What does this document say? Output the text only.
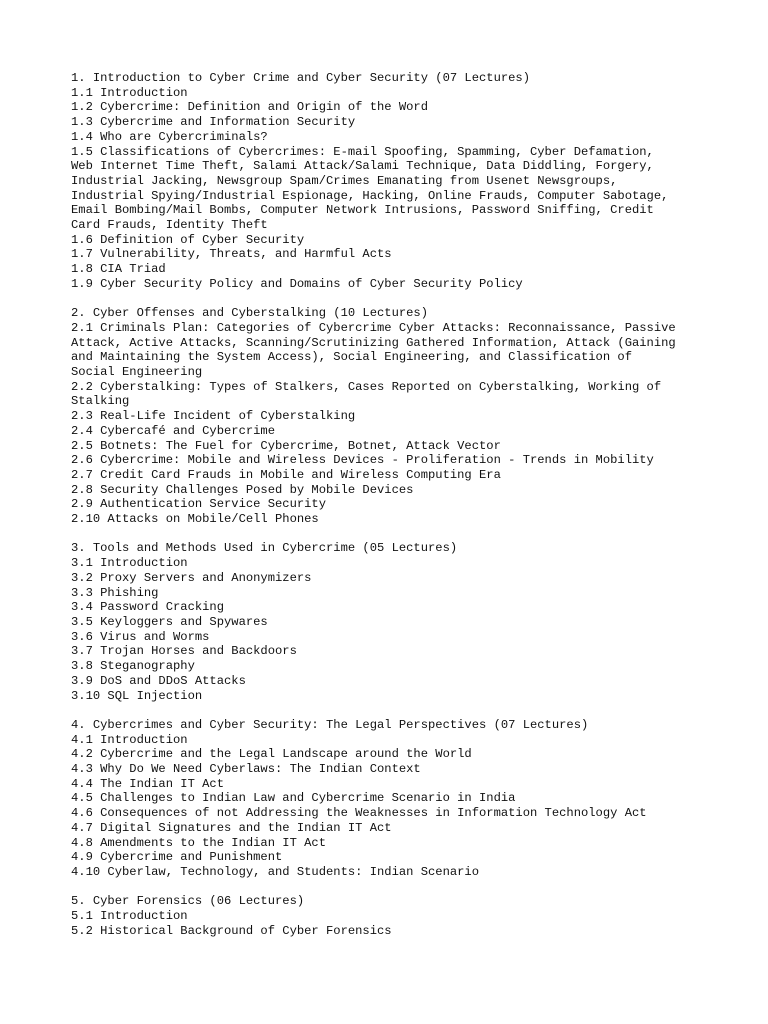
1. Introduction to Cyber Crime and Cyber Security (07 Lectures)
1.1 Introduction
1.2 Cybercrime: Definition and Origin of the Word
1.3 Cybercrime and Information Security
1.4 Who are Cybercriminals?
1.5 Classifications of Cybercrimes: E-mail Spoofing, Spamming, Cyber Defamation,
Web Internet Time Theft, Salami Attack/Salami Technique, Data Diddling, Forgery,
Industrial Jacking, Newsgroup Spam/Crimes Emanating from Usenet Newsgroups,
Industrial Spying/Industrial Espionage, Hacking, Online Frauds, Computer Sabotage,
Email Bombing/Mail Bombs, Computer Network Intrusions, Password Sniffing, Credit
Card Frauds, Identity Theft
1.6 Definition of Cyber Security
1.7 Vulnerability, Threats, and Harmful Acts
1.8 CIA Triad
1.9 Cyber Security Policy and Domains of Cyber Security Policy
2. Cyber Offenses and Cyberstalking (10 Lectures)
2.1 Criminals Plan: Categories of Cybercrime Cyber Attacks: Reconnaissance, Passive
Attack, Active Attacks, Scanning/Scrutinizing Gathered Information, Attack (Gaining
and Maintaining the System Access), Social Engineering, and Classification of
Social Engineering
2.2 Cyberstalking: Types of Stalkers, Cases Reported on Cyberstalking, Working of
Stalking
2.3 Real-Life Incident of Cyberstalking
2.4 Cybercafé and Cybercrime
2.5 Botnets: The Fuel for Cybercrime, Botnet, Attack Vector
2.6 Cybercrime: Mobile and Wireless Devices - Proliferation - Trends in Mobility
2.7 Credit Card Frauds in Mobile and Wireless Computing Era
2.8 Security Challenges Posed by Mobile Devices
2.9 Authentication Service Security
2.10 Attacks on Mobile/Cell Phones
3. Tools and Methods Used in Cybercrime (05 Lectures)
3.1 Introduction
3.2 Proxy Servers and Anonymizers
3.3 Phishing
3.4 Password Cracking
3.5 Keyloggers and Spywares
3.6 Virus and Worms
3.7 Trojan Horses and Backdoors
3.8 Steganography
3.9 DoS and DDoS Attacks
3.10 SQL Injection
4. Cybercrimes and Cyber Security: The Legal Perspectives (07 Lectures)
4.1 Introduction
4.2 Cybercrime and the Legal Landscape around the World
4.3 Why Do We Need Cyberlaws: The Indian Context
4.4 The Indian IT Act
4.5 Challenges to Indian Law and Cybercrime Scenario in India
4.6 Consequences of not Addressing the Weaknesses in Information Technology Act
4.7 Digital Signatures and the Indian IT Act
4.8 Amendments to the Indian IT Act
4.9 Cybercrime and Punishment
4.10 Cyberlaw, Technology, and Students: Indian Scenario
5. Cyber Forensics (06 Lectures)
5.1 Introduction
5.2 Historical Background of Cyber Forensics
